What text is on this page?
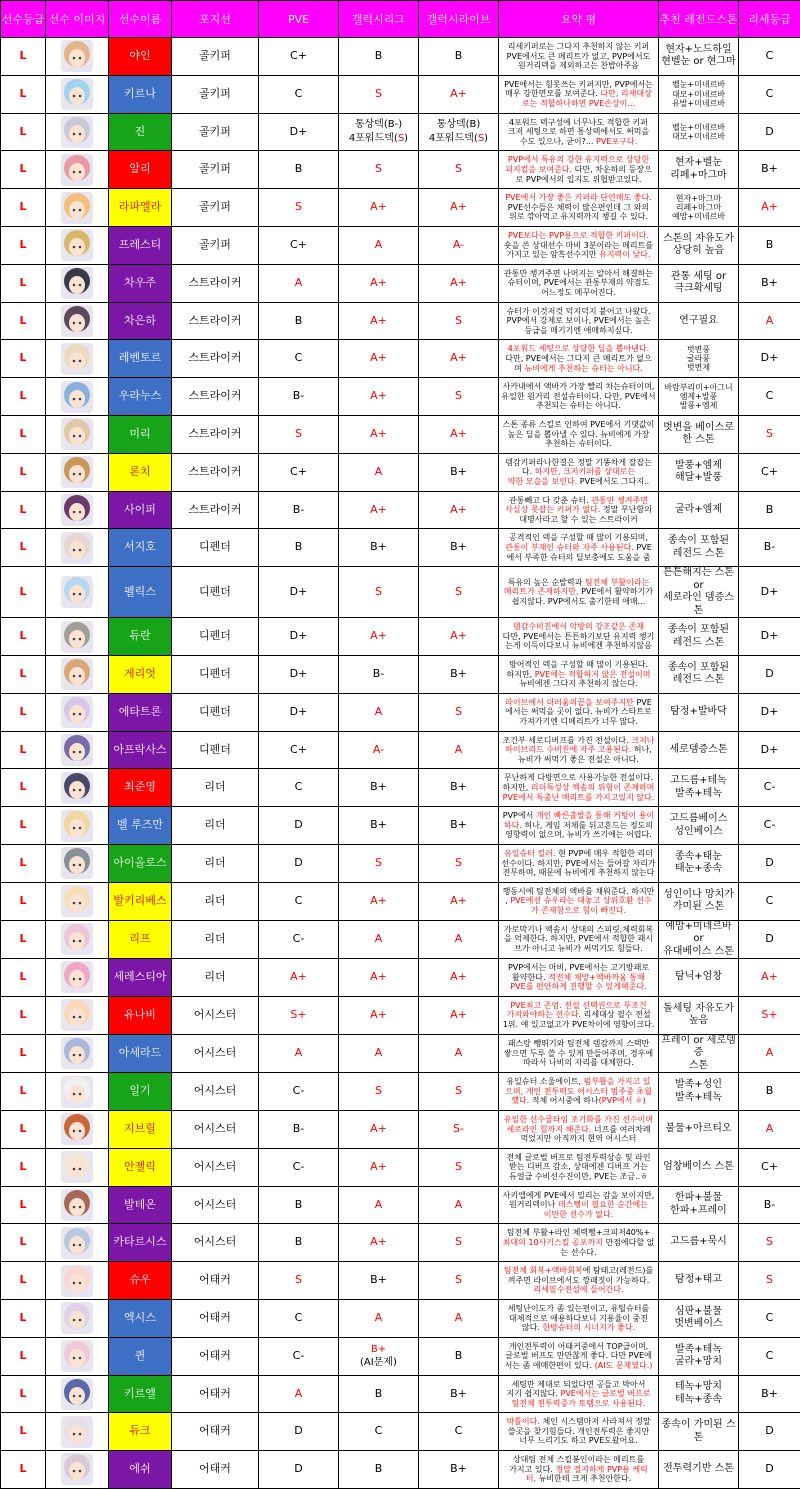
선수등급	선수 이미지	선수이름	포지션	PVE	갤럭시리그	갤럭시라이브	요약 평	추천 레전드스톤	리세등급
L		야인	골키퍼	C+	B	B	리세키퍼로는 그다지 추천하지 않는 키퍼
PVE에서도 큰 메리트가 없고, PVP에서도
원거리덱을 제외하고는 찬밥아주음	현자+노드하일
현벨눈 or 현그마	C
L		키르나	골키퍼	C	S	A+	PVE에서는 힘못쓰는 키퍼지만, PVP에서는
매우 강한면모를 보여준다. 다만, 리세대상
로는 적합하나하면 PVE손상이...	벨눈+미네르바
대모+미네르바
유발+미네르바	C
L		진	골키퍼	D+	통상덱(B-)
4포워드덱(S)	통상덱(B)
4포워드덱(S)	4포워드 덱구성에 너무나도 적합한 키퍼
크저 세팅으로 하면 통상덱에서도 써먹을
수도 있으나, 굳이?... PVE포구다.	벨눈+미네르바
대모+미네르바	D
L		알리	골키퍼	B	S	S	PVP에서 특유의 강한 유지력으로 상당한
피지컬을 보여준다. 다만, 차운하의 등장으
로 PVP에서의 입지도 위협받고있다.	현자+벨눈
리페+마그마	B+
L		라파엘라	골키퍼	S	A+	A+	PVE에서 가장 좋은 키퍼라 단연해도 좋다.
PVE선수들은 체력이 많은편인데 그 와의
위로 깎아먹고 유지력까지 챙길 수 있다.	현자+마그마
리페+마그마
예맘+미네르바	A+
L		프레스티	골키퍼	C+	A	A-	PVE보다는 PVP용으로 적합한 키퍼이다.
숏을 쓴 상대선수 마비 3분이라는 메리트를
가지고 있는 암흑선수지만 유지력이 낮다.	스톤의 자유도가
상당히 높음	B
L		차우주	스트라이커	A	A+	A+	관통만 챙겨주면 나머지는 알아서 해결하는
슈터이며, PVE에서는 관통부재의 약점도
어느정도 메꾸어진다.	관통 세팅 or
극크확세팅	B+
L		차은하	스트라이커	B	A+	S	슈터가 이것저것 덕지덕지 붙어고 나왔다.
PVP에서 강제로 보이나, PVE에서는 높은
등급을 매기기엔 애매하지싶다.	연구필요	A
L		레벤토르	스트라이커	C	A+	A+	4포워드 세팅으로 상당한 딜을 뽑아낸다.
다만, PVE에서는 그다지 큰 메리트가 없으
며 뉴비에게 추천하는 슈터는 아니다.	벗변풍
굴라풍
벗변제	D+
L		우라누스	스트라이커	B-	A+	S	사카내에서 액바가 가장 빨리 차는슈터이며,
유일한 원거리 전설슈터이다. 다만, PVE에서
추천되는 슈터는 아니다.	바람부리미+아그니
엠제+발풍
발풍+엠제	C
L		미리	스트라이커	S	A+	A+	스톤 종류 스킬로 인하여 PVE에서 기댓값이
높은 딜을 뽑아낼 수 있다. 뉴비에게 가장
추천하는 슈터이다.	벗변을 베이스로
한 스톤	S
L		론치	스트라이커	C+	A	B+	뎀감키퍼라나한결은 정말 기똥차게 잘잡는
다. 하지만, 크저키퍼를 상대로는
약한 모습을 보인다. PVE에서도 그다지..	발풍+엠제
해달+발풍	C+
L		사이퍼	스트라이커	B-	A+	A+	관통빼고 다 갖춘 슈터. 관통만 챙겨주면
사실상 못잡는 키퍼가 없다. 정말 무난함의
대명사라고 할 수 있는 스트라이커	굴라+엠제	B
L		서지호	디펜더	B	B+	B+	공격적인 덱을 구성할 때 많이 기용되며,
관통이 부재인 슈터와 자주 사용된다. PVE
에서 부족한 슈터의 딜보충에도 도움을 줌	종속이 포함된
레전드 스톤	B-
L		펠릭스	디펜더	D+	S	S	특유의 높은 순발력과 팀전체 부활이라는
메리트가 존재하지만, PVE에서 활약하기가
쉽지않다. PVP에서도 출기한테 애매...	튼튼해지는 스톤 or
세로라인 뎀증스톤	D+
L		듀란	디펜더	D+	A+	A+	뎀감수비진에서 악방의 강조같은 존재
다만, PVE에서는 튼튼하기보단 유지력 챙기
는게 이득이다보니 뉴비에겐 추천하지않음	종속이 포함된
레전드 스톤	D+
L		게리엇	디펜더	D+	B-	B+	방어적인 덱을 구성할 때 많이 기용된다.
하지만, PVE에는 적합하지 않은 전설이며
뉴비에겐 그다지 추천하지 않는다.	종속이 포함된
레전드 스톤	D
L		에타트론	디펜더	D+	A	S	라이브에서 더러움의끝을 보여주지만 PVE
에서는 써먹을 곳이 없다. 뉴비가 스타트로
가져가기엔 디메리트가 너무 많다.	탐정+발바닥	D+
L		아프락사스	디펜더	C+	A-	A	조건부 세로디버프를 가진 전설이다. 크저나
하이브리드 수비진에 자주 고용된다. 허나,
뉴비가 써먹기 좋은 전설은 아니다.	세로뎀증스톤	D+
L		최준영	리더	C	B+	B+	무난하게 다방면으로 사용가능한 전설이다.
하지만, 리더특성상 엑솜의 위험이 존재하며
PVE에서 특출난 메리트를 가지고있지 않다.	고드름+테녹
발족+테녹	C-
L		벨 루즈만	리더	D	B+	B+	PVP에서 개인 빠른출발을 통해 커팅이 용이
하다. 허나, 게임 저체를 뒤고흔드는 정도의
영향력이 없으며, 뉴비가 쓰기에는 어렵다.	고드름베이스
성인베이스	C-
L		아이올로스	리더	D	S	S	유일슈터 킬러. 현 PVP에 매우 적합한 리더
선수이다. 하지만, PVE에서는 들어갈 자리가
전무하며, 때문에 뉴비에게 추천하지 않는다	종속+태눈
태눈+종속	D
L		발키리베스	리더	C	A+	A+	행동시에 팀전체의 액바를 채워준다. 하지만
, PVE에선 슈우라는 대놓고 상위호환 선수
가 존재함으로 힘이 빠진다.	성인이나 망치가
가미된 스톤	C
L		리프	리더	C-	A	A	가로막기나 액솜시 상대의 스피릿,체력회복
을 억제한다. 하지만, PVE에서 적합한 패시
브가 아니고 뉴비가 써먹기도 힘들다.	예맘+미네르바 or
유대베이스 스톤	D
L		세레스티아	리더	A+	A+	A+	PVP에서는 마비, PVE에서는 고기방패로
활약한다. 적전체 채망+액바까움 통해
PVE를 편안하게 진행할 수 있게해준다.	탐닉+엄창	A+
L		유나비	어시스터	S+	A+	A+	PVE최고 존엄. 전설 선택권으로 무조건
가져와야하는 선수다. 리세대상 필수 전설
1위. 얘 있고없고가 PVE차이에 영향이크다.	돌세팅 자유도가
높음	S+
L		아세라드	어시스터	A	A	A	패스랑 뺑뛰기와 팀전체 뎀감까지 스택만
쌓으면 두루 쓸 수 있게 만들어주며, 경우에
따라서 나비의 자리를 대체한다.	프레이 or 세로뎀증
스톤	A
L		일기	어시스터	C-	S	S	유일슈터 소울에이트, 펌부활을 가지고 있
으며, 개인 전투력도 어시스터 범주중 초월
했다. 적체 어시중에 하나(PVP에서 ㅎ)	발족+성인
발족+테녹	B
L		지브릴	어시스터	B-	A+	S-	유일한 선수쿨타임 조기화를 가진 선수이며
세로라인 힐까지 해준다. 너프를 여러차례
먹었지만 아직까지 현역 어시스터	불물+아르티오	A
L		안젤릭	어시스터	C-	A+	S	전체 글로벌 버프로 팀전투력상승 및 라인
받는 디버프 감소, 상대에겐 디버프 거는
듀얼급 수비선수진이만, PVE는 조금..ㅎ	엄창베이스 스톤	C+
L		발테온	어시스터	B	A	A	사키앱에게 PVE에서 밀리는 감을 보이지만,
원거리덱이나 데스뻥이 필요한 순간에는
이만한 선수가 없다.	한파+불물
한파+프레이	B-
L		카타르시스	어시스터	B	A+	S	팀전체 부활+라인 체력뻥+크피저40%+
최대의 10사기스킬 공포까지 만점에다할 없
는 선수다.	고드름+묵시	S
L		슈우	어태커	S	B+	S	팀전체 회복+액바회복에 탐태고(레전드)를
껴주면 라이브에서도 깡패짓이 가능하다.
리세필수전설에 들어간다.	탐정+태고	S
L		엑시스	어태커	C	A	A	세팅난이도가 좀 있는편이고, 유틸슈터를
대체적으로 애용하다보니 기용율이 중진
않다. 한방슈터의 시너지가 좋다.	심판+불물
벗변베이스	C
L		퀸	어태커	C-	B+
(AI문제)	B	개인전투력이 어태커중에서 TOP급이며,
글로벌 버프도 만만찮게 좋다. 다만 PVE에
서는 좀 애매한편이 있다. (AI도 문제였다.)	발족+테녹
굴라+망치	C
L		키르엘	어태커	A	B	B+	세팅만 제대로 되었다면 공들고 박아서
지기 쉽지않다. PVE에서는 글로벌 버프로
팀전체 전투력증가 토템으로 사용된다.	테녹+망치
테녹+종속	B+
L		듀크	어태커	D	C	C	박틀이다. 체인 시스템마저 사라져서 정말
쓸곳을 찾기힘들다. 개인전투력은 좋지만
너무 느리기도 하고 PVE도왔어요.	종속이 가미된 스톤	D
L		에쉬	어태커	D	B	B+	상대팀 전체 스킬봉인이라는 메리트를
가지고 있다. 정말 절지하게 PVP용 케릭
터, 뉴비한테 크게 추천안한다.	전투력기반 스톤	D
